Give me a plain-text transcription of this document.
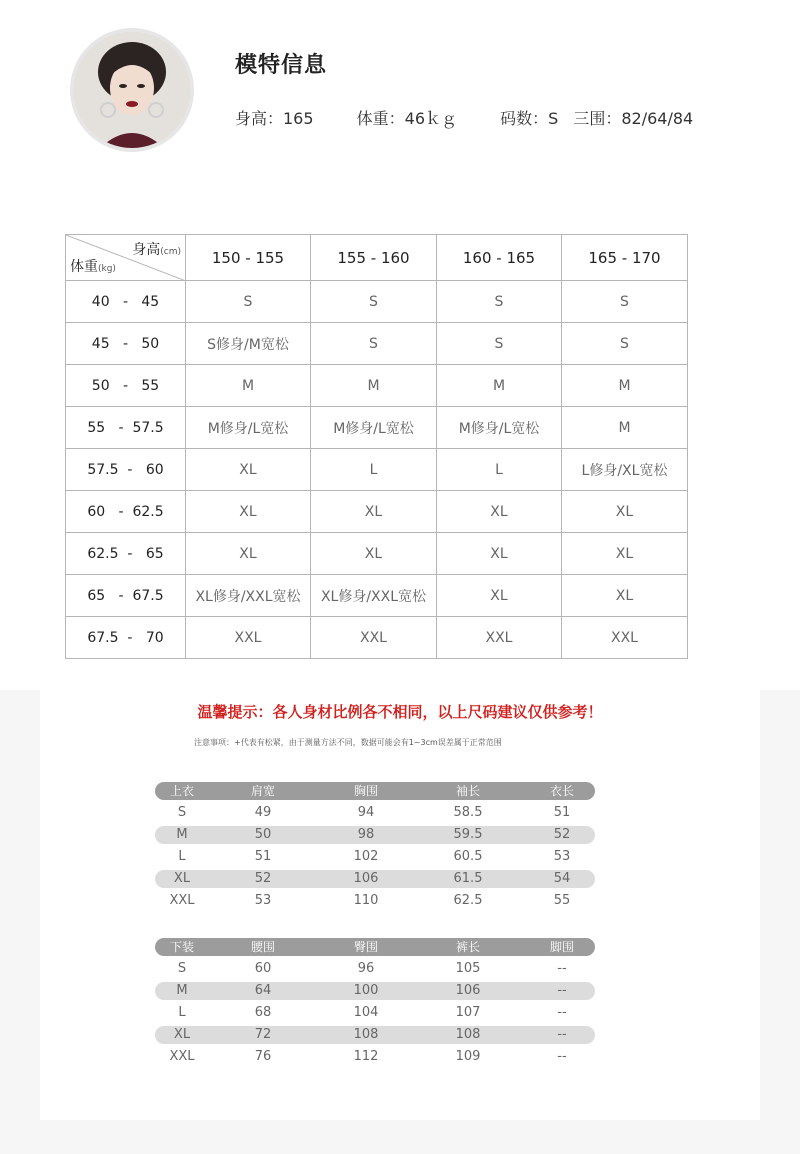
模特信息
身高：165	体重：46ｋｇ	码数：S 三围：82/64/84
身高(cm)
体重(kg)	150 - 155	155 - 160	160 - 165	165 - 170
40   -   45	S	S	S	S
45   -   50	S修身/M宽松	S	S	S
50   -   55	M	M	M	M
55   -  57.5	M修身/L宽松	M修身/L宽松	M修身/L宽松	M
57.5  -   60	XL	L	L	L修身/XL宽松
60   -  62.5	XL	XL	XL	XL
62.5  -   65	XL	XL	XL	XL
65   -  67.5	XL修身/XXL宽松	XL修身/XXL宽松	XL	XL
67.5  -   70	XXL	XXL	XXL	XXL
温馨提示：各人身材比例各不相同，以上尺码建议仅供参考！
注意事项：+代表有松紧，由于测量方法不同，数据可能会有1~3cm误差属于正常范围
上衣	肩宽	胸围	袖长	衣长
S	49	94	58.5	51
M	50	98	59.5	52
L	51	102	60.5	53
XL	52	106	61.5	54
XXL	53	110	62.5	55
下装	腰围	臀围	裤长	脚围
S	60	96	105	--
M	64	100	106	--
L	68	104	107	--
XL	72	108	108	--
XXL	76	112	109	--
